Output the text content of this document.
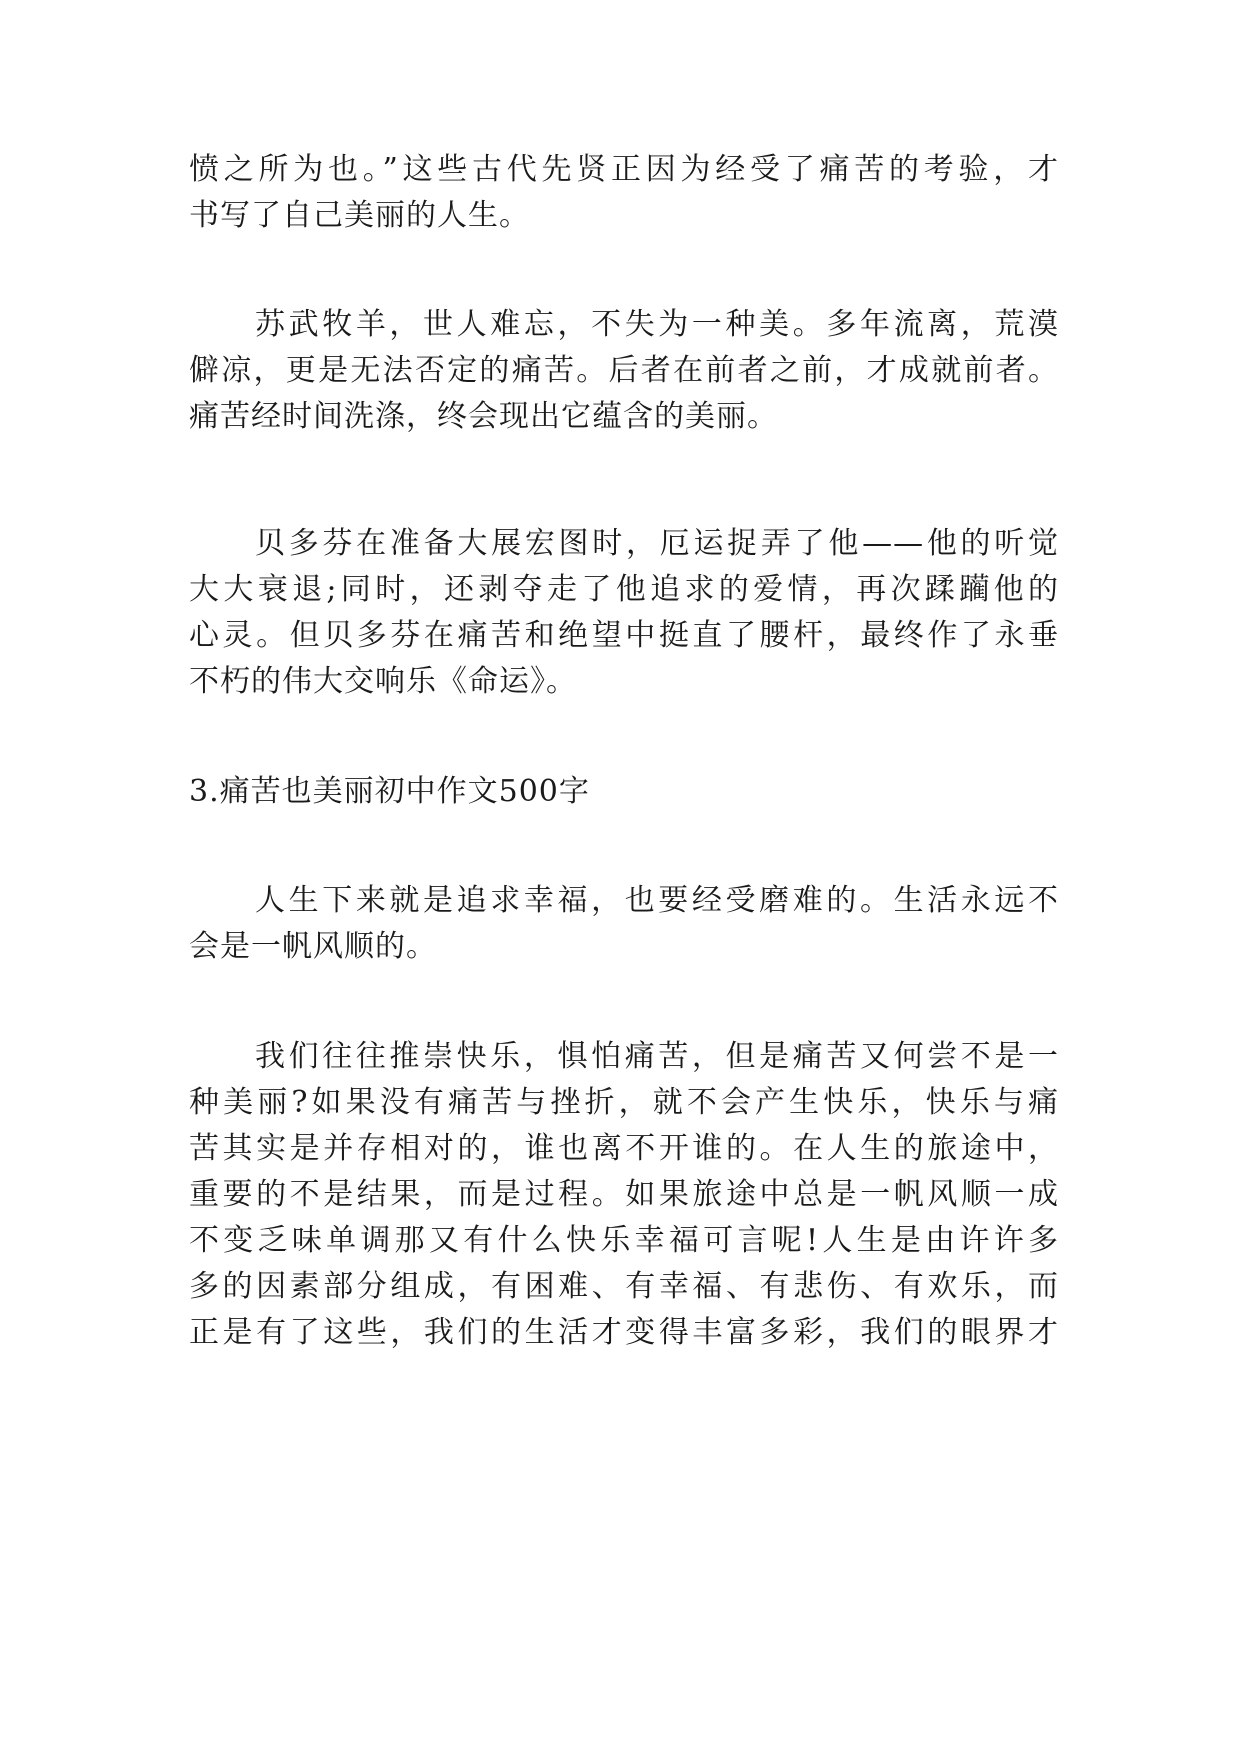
愤之所为也。”这些古代先贤正因为经受了痛苦的考验，才
书写了自己美丽的人生。
苏武牧羊，世人难忘，不失为一种美。多年流离，荒漠
僻凉，更是无法否定的痛苦。后者在前者之前，才成就前者。
痛苦经时间洗涤，终会现出它蕴含的美丽。
贝多芬在准备大展宏图时，厄运捉弄了他——他的听觉
大大衰退;同时，还剥夺走了他追求的爱情，再次蹂躏他的
心灵。但贝多芬在痛苦和绝望中挺直了腰杆，最终作了永垂
不朽的伟大交响乐《命运》。
3.痛苦也美丽初中作文500字
人生下来就是追求幸福，也要经受磨难的。生活永远不
会是一帆风顺的。
我们往往推崇快乐，惧怕痛苦，但是痛苦又何尝不是一
种美丽?如果没有痛苦与挫折，就不会产生快乐，快乐与痛
苦其实是并存相对的，谁也离不开谁的。在人生的旅途中，
重要的不是结果，而是过程。如果旅途中总是一帆风顺一成
不变乏味单调那又有什么快乐幸福可言呢!人生是由许许多
多的因素部分组成，有困难、有幸福、有悲伤、有欢乐，而
正是有了这些，我们的生活才变得丰富多彩，我们的眼界才
